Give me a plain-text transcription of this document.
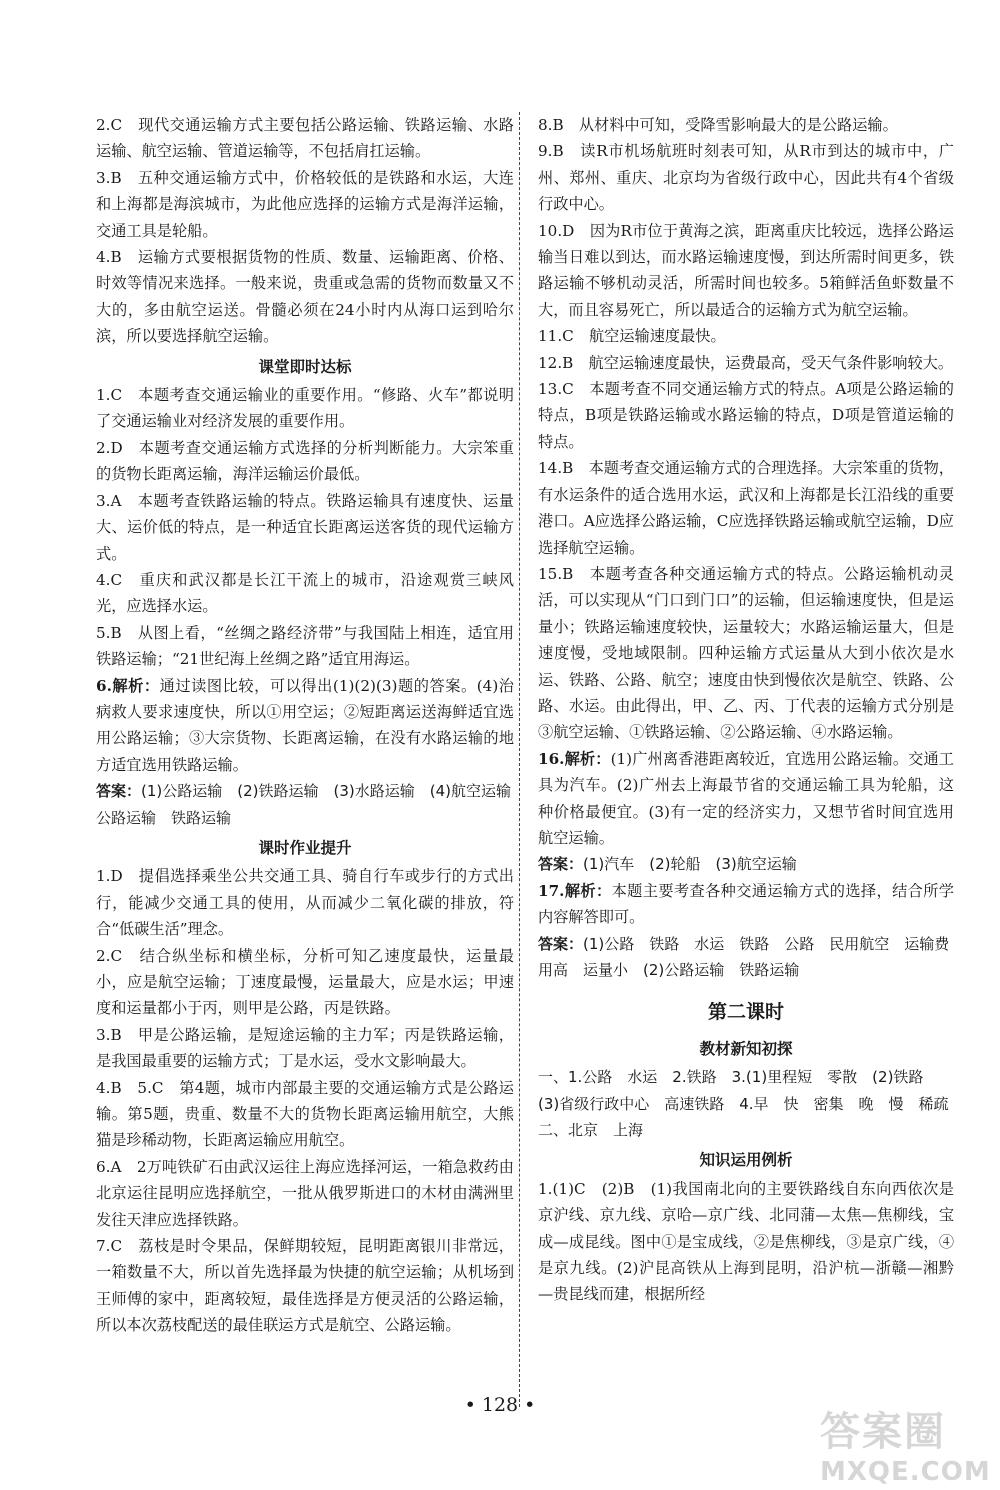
2.C　现代交通运输方式主要包括公路运输、铁路运输、水路运输、航空运输、管道运输等，不包括肩扛运输。
3.B　五种交通运输方式中，价格较低的是铁路和水运，大连和上海都是海滨城市，为此他应选择的运输方式是海洋运输，交通工具是轮船。
4.B　运输方式要根据货物的性质、数量、运输距离、价格、时效等情况来选择。一般来说，贵重或急需的货物而数量又不大的，多由航空运送。骨髓必须在24小时内从海口运到哈尔滨，所以要选择航空运输。
课堂即时达标
1.C　本题考查交通运输业的重要作用。“修路、火车”都说明了交通运输业对经济发展的重要作用。
2.D　本题考查交通运输方式选择的分析判断能力。大宗笨重的货物长距离运输，海洋运输运价最低。
3.A　本题考查铁路运输的特点。铁路运输具有速度快、运量大、运价低的特点，是一种适宜长距离运送客货的现代运输方式。
4.C　重庆和武汉都是长江干流上的城市，沿途观赏三峡风光，应选择水运。
5.B　从图上看，“丝绸之路经济带”与我国陆上相连，适宜用铁路运输；“21世纪海上丝绸之路”适宜用海运。
6.解析：通过读图比较，可以得出(1)(2)(3)题的答案。(4)治病救人要求速度快，所以①用空运；②短距离运送海鲜适宜选用公路运输；③大宗货物、长距离运输，在没有水路运输的地方适宜选用铁路运输。
答案：(1)公路运输　(2)铁路运输　(3)水路运输　(4)航空运输　公路运输　铁路运输
课时作业提升
1.D　提倡选择乘坐公共交通工具、骑自行车或步行的方式出行，能减少交通工具的使用，从而减少二氧化碳的排放，符合“低碳生活”理念。
2.C　结合纵坐标和横坐标，分析可知乙速度最快，运量最小，应是航空运输；丁速度最慢，运量最大，应是水运；甲速度和运量都小于丙，则甲是公路，丙是铁路。
3.B　甲是公路运输，是短途运输的主力军；丙是铁路运输，是我国最重要的运输方式；丁是水运，受水文影响最大。
4.B　5.C　第4题，城市内部最主要的交通运输方式是公路运输。第5题，贵重、数量不大的货物长距离运输用航空，大熊猫是珍稀动物，长距离运输应用航空。
6.A　2万吨铁矿石由武汉运往上海应选择河运，一箱急救药由北京运往昆明应选择航空，一批从俄罗斯进口的木材由满洲里发往天津应选择铁路。
7.C　荔枝是时令果品，保鲜期较短，昆明距离银川非常远，一箱数量不大，所以首先选择最为快捷的航空运输；从机场到王师傅的家中，距离较短，最佳选择是方便灵活的公路运输，所以本次荔枝配送的最佳联运方式是航空、公路运输。
8.B　从材料中可知，受降雪影响最大的是公路运输。
9.B　读R市机场航班时刻表可知，从R市到达的城市中，广州、郑州、重庆、北京均为省级行政中心，因此共有4个省级行政中心。
10.D　因为R市位于黄海之滨，距离重庆比较远，选择公路运输当日难以到达，而水路运输速度慢，到达所需时间更多，铁路运输不够机动灵活，所需时间也较多。5箱鲜活鱼虾数量不大，而且容易死亡，所以最适合的运输方式为航空运输。
11.C　航空运输速度最快。
12.B　航空运输速度最快，运费最高，受天气条件影响较大。
13.C　本题考查不同交通运输方式的特点。A项是公路运输的特点，B项是铁路运输或水路运输的特点，D项是管道运输的特点。
14.B　本题考查交通运输方式的合理选择。大宗笨重的货物，有水运条件的适合选用水运，武汉和上海都是长江沿线的重要港口。A应选择公路运输，C应选择铁路运输或航空运输，D应选择航空运输。
15.B　本题考查各种交通运输方式的特点。公路运输机动灵活，可以实现从“门口到门口”的运输，但运输速度快，但是运量小；铁路运输速度较快，运量较大；水路运输运量大，但是速度慢，受地域限制。四种运输方式运量从大到小依次是水运、铁路、公路、航空；速度由快到慢依次是航空、铁路、公路、水运。由此得出，甲、乙、丙、丁代表的运输方式分别是③航空运输、①铁路运输、②公路运输、④水路运输。
16.解析：(1)广州离香港距离较近，宜选用公路运输。交通工具为汽车。(2)广州去上海最节省的交通运输工具为轮船，这种价格最便宜。(3)有一定的经济实力，又想节省时间宜选用航空运输。
答案：(1)汽车　(2)轮船　(3)航空运输
17.解析：本题主要考查各种交通运输方式的选择，结合所学内容解答即可。
答案：(1)公路　铁路　水运　铁路　公路　民用航空　运输费用高　运量小　(2)公路运输　铁路运输
第二课时
教材新知初探
一、1.公路　水运　2.铁路　3.(1)里程短　零散　(2)铁路　(3)省级行政中心　高速铁路　4.早　快　密集　晚　慢　稀疏
二、北京　上海
知识运用例析
1.(1)C　(2)B　(1)我国南北向的主要铁路线自东向西依次是京沪线、京九线、京哈—京广线、北同蒲—太焦—焦柳线，宝成—成昆线。图中①是宝成线，②是焦柳线，③是京广线，④是京九线。(2)沪昆高铁从上海到昆明，沿沪杭—浙赣—湘黔—贵昆线而建，根据所经
• 128 •
答案圈
MXQE.COM
